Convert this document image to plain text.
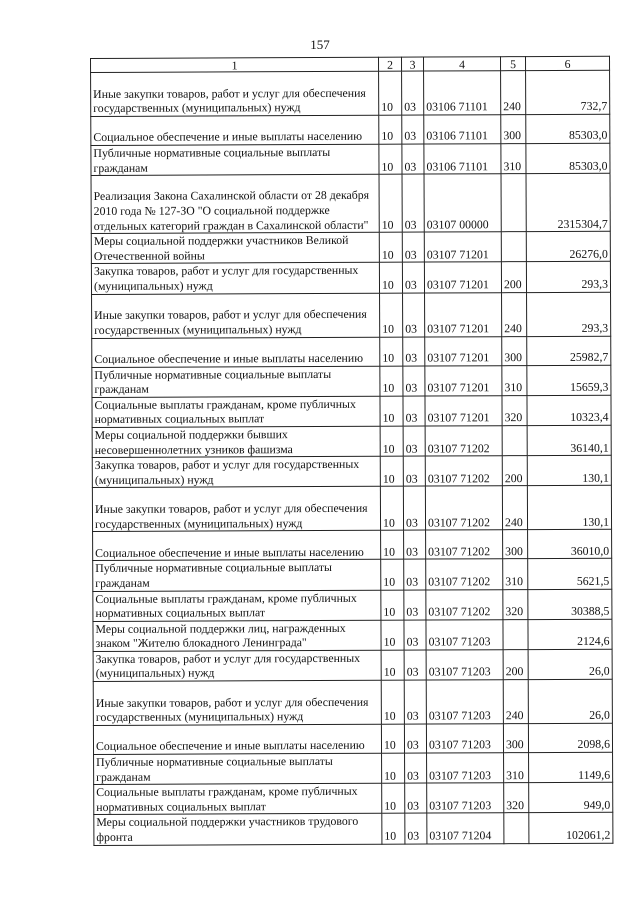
157
1	2	3	4	5	6
Иные закупки товаров, работ и услуг для обеспечения государственных (муниципальных) нужд	10	03	03106 71101	240	732,7
Социальное обеспечение и иные выплаты населению	10	03	03106 71101	300	85303,0
Публичные нормативные социальные выплаты гражданам	10	03	03106 71101	310	85303,0
Реализация Закона Сахалинской области от 28 декабря 2010 года № 127-ЗО "О социальной поддержке отдельных категорий граждан в Сахалинской области"	10	03	03107 00000		2315304,7
Меры социальной поддержки участников Великой Отечественной войны	10	03	03107 71201		26276,0
Закупка товаров, работ и услуг для государственных (муниципальных) нужд	10	03	03107 71201	200	293,3
Иные закупки товаров, работ и услуг для обеспечения государственных (муниципальных) нужд	10	03	03107 71201	240	293,3
Социальное обеспечение и иные выплаты населению	10	03	03107 71201	300	25982,7
Публичные нормативные социальные выплаты гражданам	10	03	03107 71201	310	15659,3
Социальные выплаты гражданам, кроме публичных нормативных социальных выплат	10	03	03107 71201	320	10323,4
Меры социальной поддержки бывших несовершеннолетних узников фашизма	10	03	03107 71202		36140,1
Закупка товаров, работ и услуг для государственных (муниципальных) нужд	10	03	03107 71202	200	130,1
Иные закупки товаров, работ и услуг для обеспечения государственных (муниципальных) нужд	10	03	03107 71202	240	130,1
Социальное обеспечение и иные выплаты населению	10	03	03107 71202	300	36010,0
Публичные нормативные социальные выплаты гражданам	10	03	03107 71202	310	5621,5
Социальные выплаты гражданам, кроме публичных нормативных социальных выплат	10	03	03107 71202	320	30388,5
Меры социальной поддержки лиц, награжденных знаком "Жителю блокадного Ленинграда"	10	03	03107 71203		2124,6
Закупка товаров, работ и услуг для государственных (муниципальных) нужд	10	03	03107 71203	200	26,0
Иные закупки товаров, работ и услуг для обеспечения государственных (муниципальных) нужд	10	03	03107 71203	240	26,0
Социальное обеспечение и иные выплаты населению	10	03	03107 71203	300	2098,6
Публичные нормативные социальные выплаты гражданам	10	03	03107 71203	310	1149,6
Социальные выплаты гражданам, кроме публичных нормативных социальных выплат	10	03	03107 71203	320	949,0
Меры социальной поддержки участников трудового фронта	10	03	03107 71204		102061,2
